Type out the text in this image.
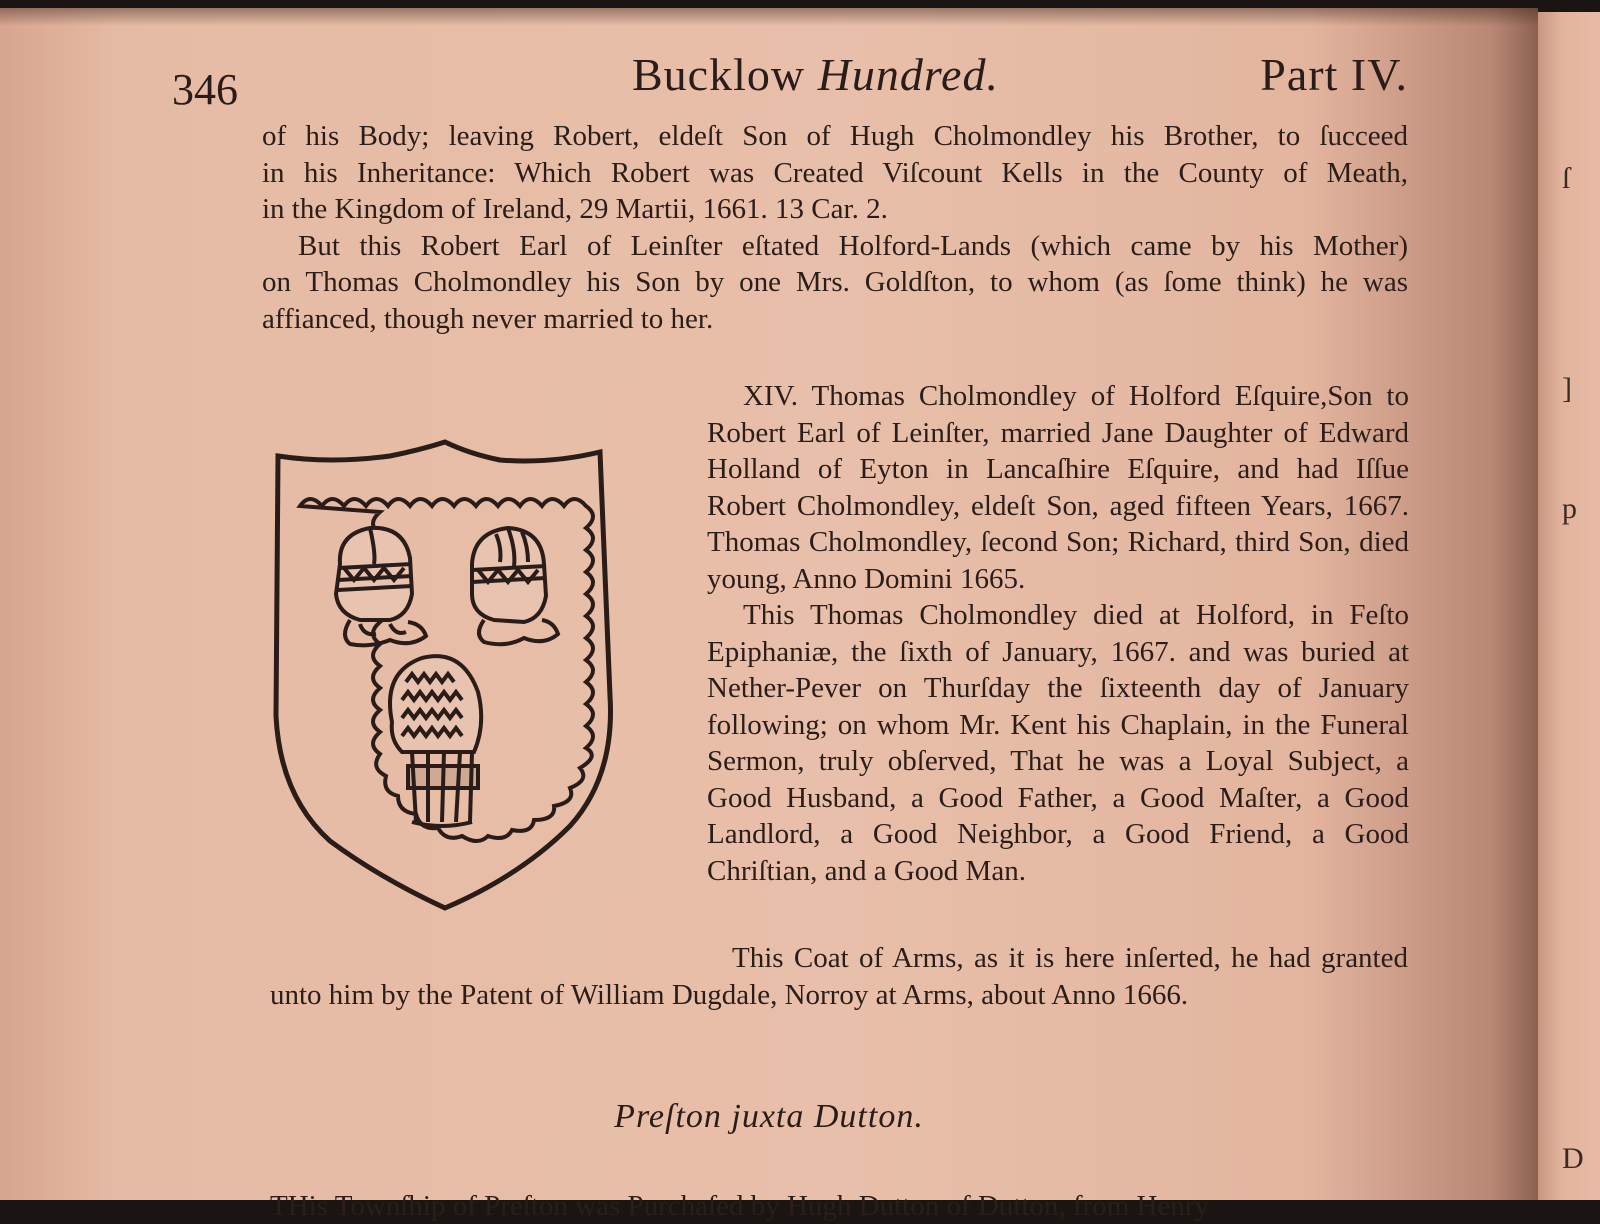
346	Bucklow Hundred.	Part IV.

of his Body; leaving Robert, eldeſt Son of Hugh Cholmondley his Brother, to ſucceed

in his Inheritance: Which Robert was Created Viſcount Kells in the County of Meath,

in the Kingdom of Ireland, 29 Martii, 1661. 13 Car. 2.

But this Robert Earl of Leinſter eſtated Holford-Lands (which came by his Mother)

on Thomas Cholmondley his Son by one Mrs. Goldſton, to whom (as ſome think) he was

affianced, though never married to her.

XIV. Thomas Cholmondley of Holford Eſquire,Son to Robert Earl of Leinſter, married Jane Daughter of Edward Holland of Eyton in Lancaſhire Eſquire, and had Iſſue Robert Cholmondley, eldeſt Son, aged fifteen Years, 1667. Thomas Cholmondley, ſecond Son; Richard, third Son, died young, Anno Domini 1665.

This Thomas Cholmondley died at Holford, in Feſto Epiphaniæ, the ſixth of January, 1667. and was buried at Nether-Pever on Thurſday the ſixteenth day of January following; on whom Mr. Kent his Chaplain, in the Funeral Sermon, truly obſerved, That he was a Loyal Subject, a Good Husband, a Good Father, a Good Maſter, a Good Landlord, a Good Neighbor, a Good Friend, a Good Chriſtian, and a Good Man.

This Coat of Arms, as it is here inſerted, he had granted unto him by the Patent of William Dugdale, Norroy at Arms, about Anno 1666.

Preſton juxta Dutton.
THis Townſhip of Preſton was Purchaſed by Hugh Dutton of Dutton, from Henry
ſ
]
p
D
